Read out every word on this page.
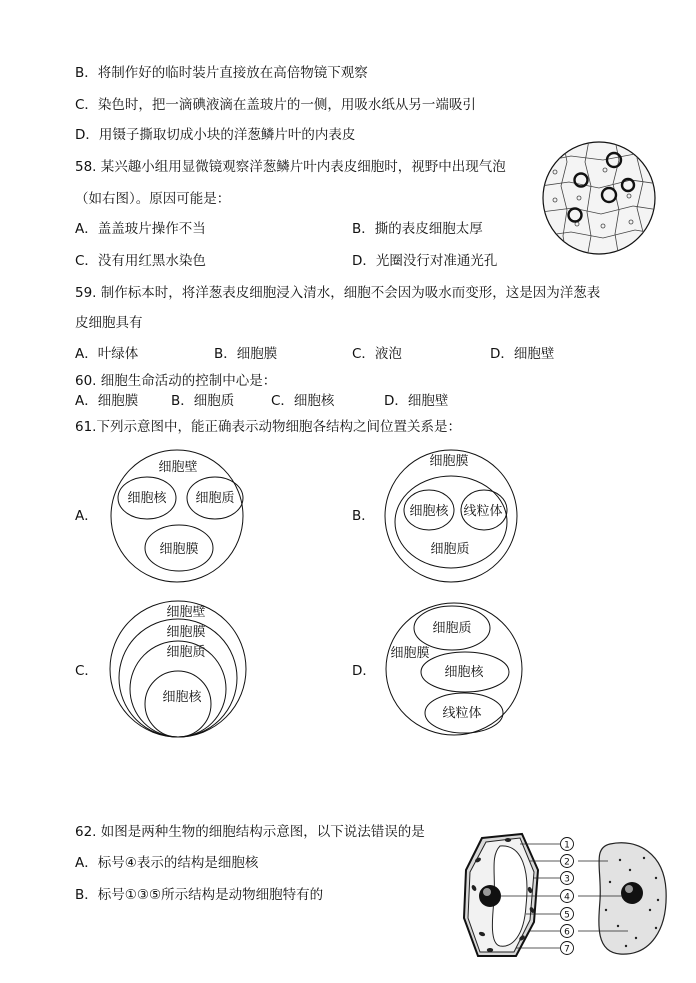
B．将制作好的临时装片直接放在高倍物镜下观察
C．染色时，把一滴碘液滴在盖玻片的一侧，用吸水纸从另一端吸引
D．用镊子撕取切成小块的洋葱鳞片叶的内表皮
58. 某兴趣小组用显微镜观察洋葱鳞片叶内表皮细胞时，视野中出现气泡
（如右图）。原因可能是：
A．盖盖玻片操作不当	B．撕的表皮细胞太厚
C．没有用红黑水染色	D．光圈没行对准通光孔
59. 制作标本时，将洋葱表皮细胞浸入清水，细胞不会因为吸水而变形，这是因为洋葱表
皮细胞具有
A．叶绿体	B．细胞膜	C．液泡	D．细胞壁
60. 细胞生命活动的控制中心是：
A．细胞膜 B．细胞质	C．细胞核	D．细胞壁
61.下列示意图中，能正确表示动物细胞各结构之间位置关系是：
A．	B．
C．	D．
细胞壁
细胞核 细胞质
细胞膜
细胞膜
细胞核 线粒体
细胞质
细胞壁
细胞膜
细胞质
细胞核
细胞膜
细胞质
细胞核
线粒体
62. 如图是两种生物的细胞结构示意图，以下说法错误的是
A．标号④表示的结构是细胞核
B．标号①③⑤所示结构是动物细胞特有的
1
2
3
4
5
6
7
